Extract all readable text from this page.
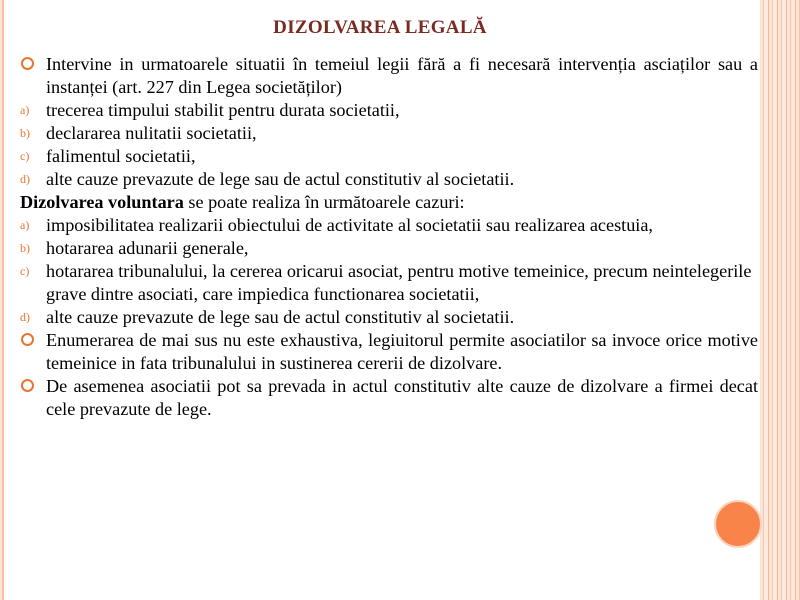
DIZOLVAREA LEGALĂ
Intervine in urmatoarele situatii în temeiul legii fără a fi necesară intervenția asciaților sau a instanței (art. 227 din Legea societăților)
a) trecerea timpului stabilit pentru durata societatii,
b) declararea nulitatii societatii,
c) falimentul societatii,
d) alte cauze prevazute de lege sau de actul constitutiv al societatii.
Dizolvarea voluntara se poate realiza în următoarele cazuri:
a) imposibilitatea realizarii obiectului de activitate al societatii sau realizarea acestuia,
b) hotararea adunarii generale,
c) hotararea tribunalului, la cererea oricarui asociat, pentru motive temeinice, precum neintelegerile grave dintre asociati, care impiedica functionarea societatii,
d) alte cauze prevazute de lege sau de actul constitutiv al societatii.
Enumerarea de mai sus nu este exhaustiva, legiuitorul permite asociatilor sa invoce orice motive temeinice in fata tribunalului in sustinerea cererii de dizolvare.
De asemenea asociatii pot sa prevada in actul constitutiv alte cauze de dizolvare a firmei decat cele prevazute de lege.
